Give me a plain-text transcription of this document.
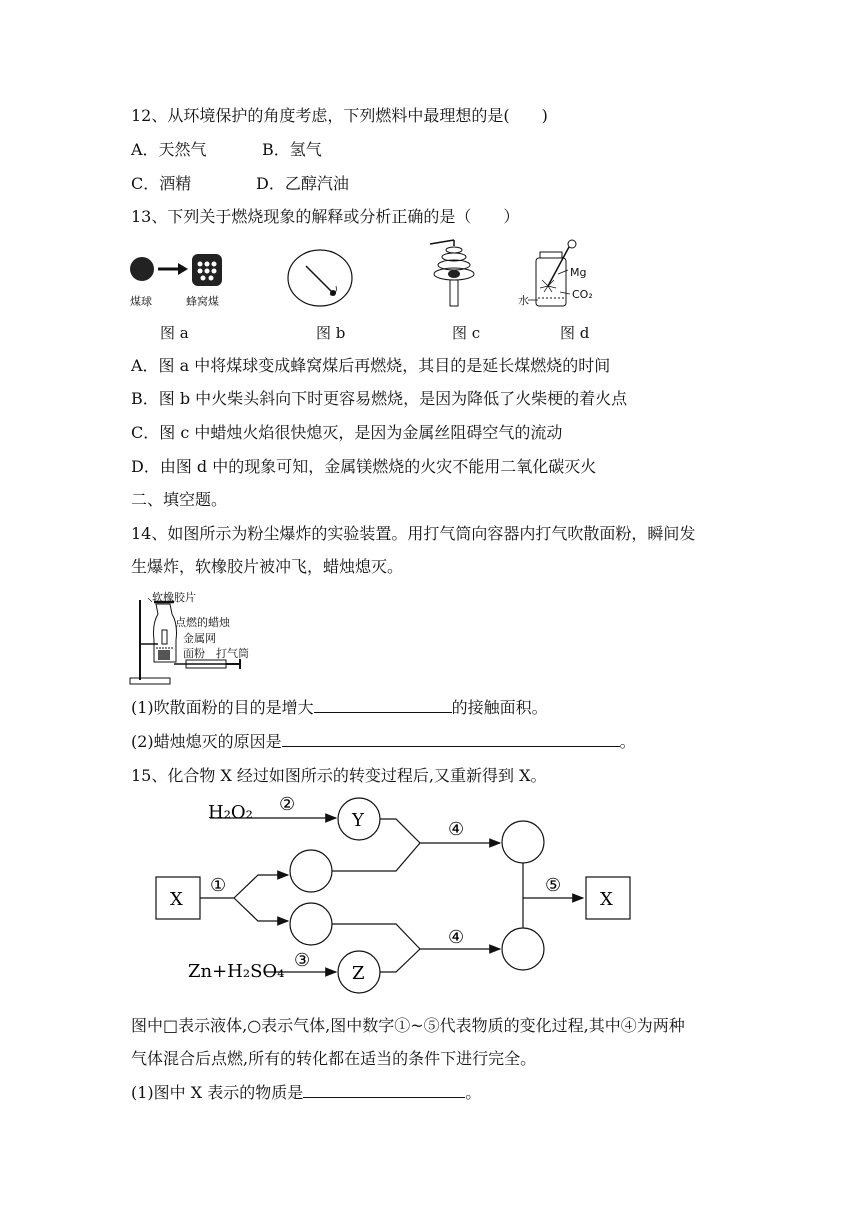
12、从环境保护的角度考虑，下列燃料中最理想的是(　　)
A．天然气	B．氢气
C．酒精	D．乙醇汽油
13、下列关于燃烧现象的解释或分析正确的是（　　）
煤球	蜂窝煤
Mg
CO₂
水
图 a	图 b	图 c	图 d
A．图 a 中将煤球变成蜂窝煤后再燃烧，其目的是延长煤燃烧的时间
B．图 b 中火柴头斜向下时更容易燃烧，是因为降低了火柴梗的着火点
C．图 c 中蜡烛火焰很快熄灭，是因为金属丝阻碍空气的流动
D．由图 d 中的现象可知，金属镁燃烧的火灾不能用二氧化碳灭火
二、填空题。
14、如图所示为粉尘爆炸的实验装置。用打气筒向容器内打气吹散面粉，瞬间发
生爆炸，软橡胶片被冲飞，蜡烛熄灭。
软橡胶片
点燃的蜡烛
金属网
面粉 打气筒
(1)吹散面粉的目的是增大	的接触面积。
(2)蜡烛熄灭的原因是	。
15、化合物 X 经过如图所示的转变过程后,又重新得到 X。
H₂O₂ ②
Y	④
X
①	⑤
X
④
Zn+H₂SO₄
③
Z
图中□表示液体,○表示气体,图中数字①~⑤代表物质的变化过程,其中④为两种
气体混合后点燃,所有的转化都在适当的条件下进行完全。
(1)图中 X 表示的物质是	。
